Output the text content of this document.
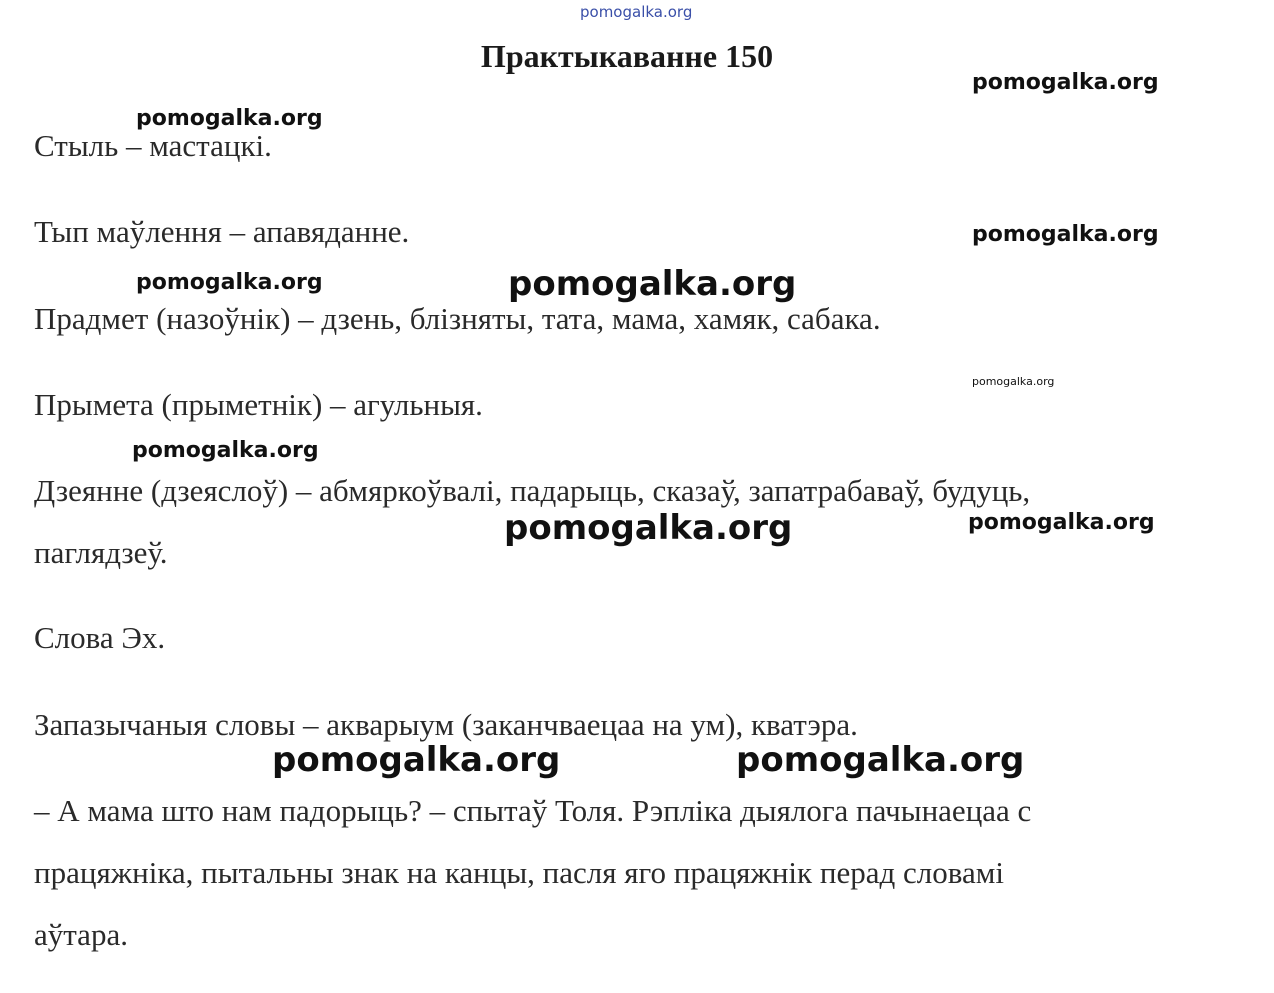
pomogalka.org
Практыкаванне 150
pomogalka.org
pomogalka.org
Стыль – мастацкі.
Тып маўлення – апавяданне.	pomogalka.org
pomogalka.org	pomogalka.org
Прадмет (назоўнік) – дзень, блізняты, тата, мама, хамяк, сабака.
pomogalka.org
Прымета (прыметнік) – агульныя.
pomogalka.org
Дзеянне (дзеяслоў) – абмяркоўвалі, падарыць, сказаў, запатрабаваў, будуць,
pomogalka.org
pomogalka.org
паглядзеў.
Слова Эх.
Запазычаныя словы – акварыум (заканчваецаа на ум), кватэра.
pomogalka.org	pomogalka.org
– А мама што нам падорыць? – спытаў Толя. Рэпліка дыялога пачынаецаа с
працяжніка, пытальны знак на канцы, пасля яго працяжнік перад словамі
аўтара.
